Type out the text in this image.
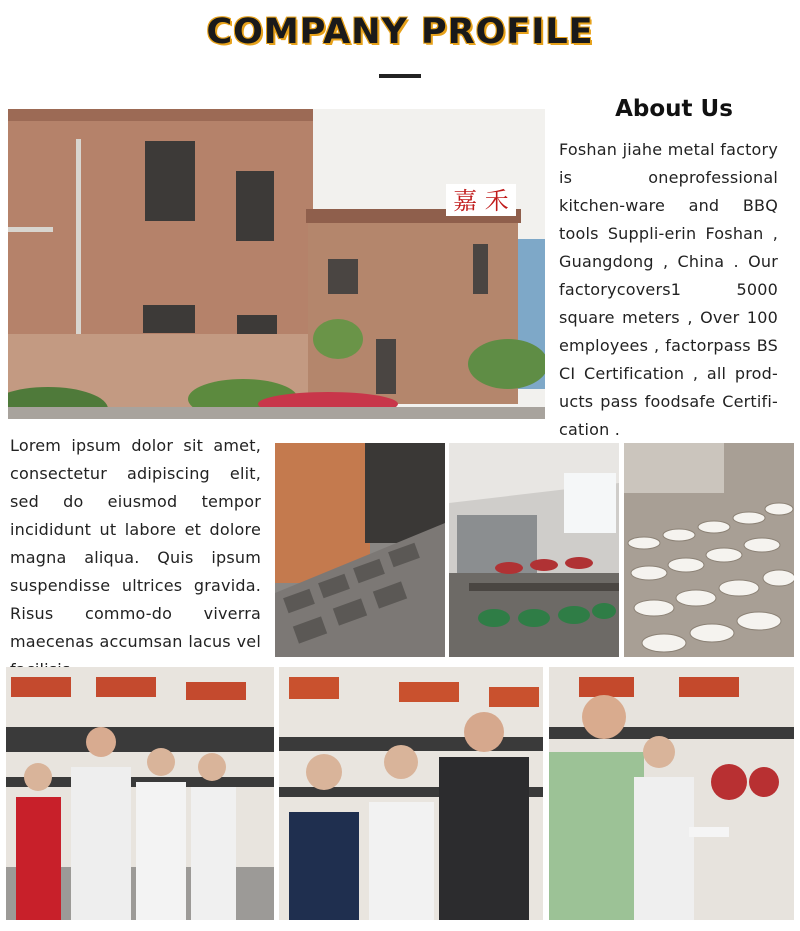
COMPANY PROFILE
嘉 禾
About Us
Foshan jiahe metal factory is oneprofessional kitchen-ware and BBQ tools Suppli-erin Foshan , Guangdong , China . Our factorycovers1 5000 square meters , Over 100 employees , factorpass BS CI Certification , all prod-ucts pass foodsafe Certifi-cation .
Lorem ipsum dolor sit amet, consectetur adipiscing elit, sed do eiusmod tempor incididunt ut labore et dolore magna aliqua. Quis ipsum suspendisse ultrices gravida. Risus commo-do viverra maecenas accumsan lacus vel
